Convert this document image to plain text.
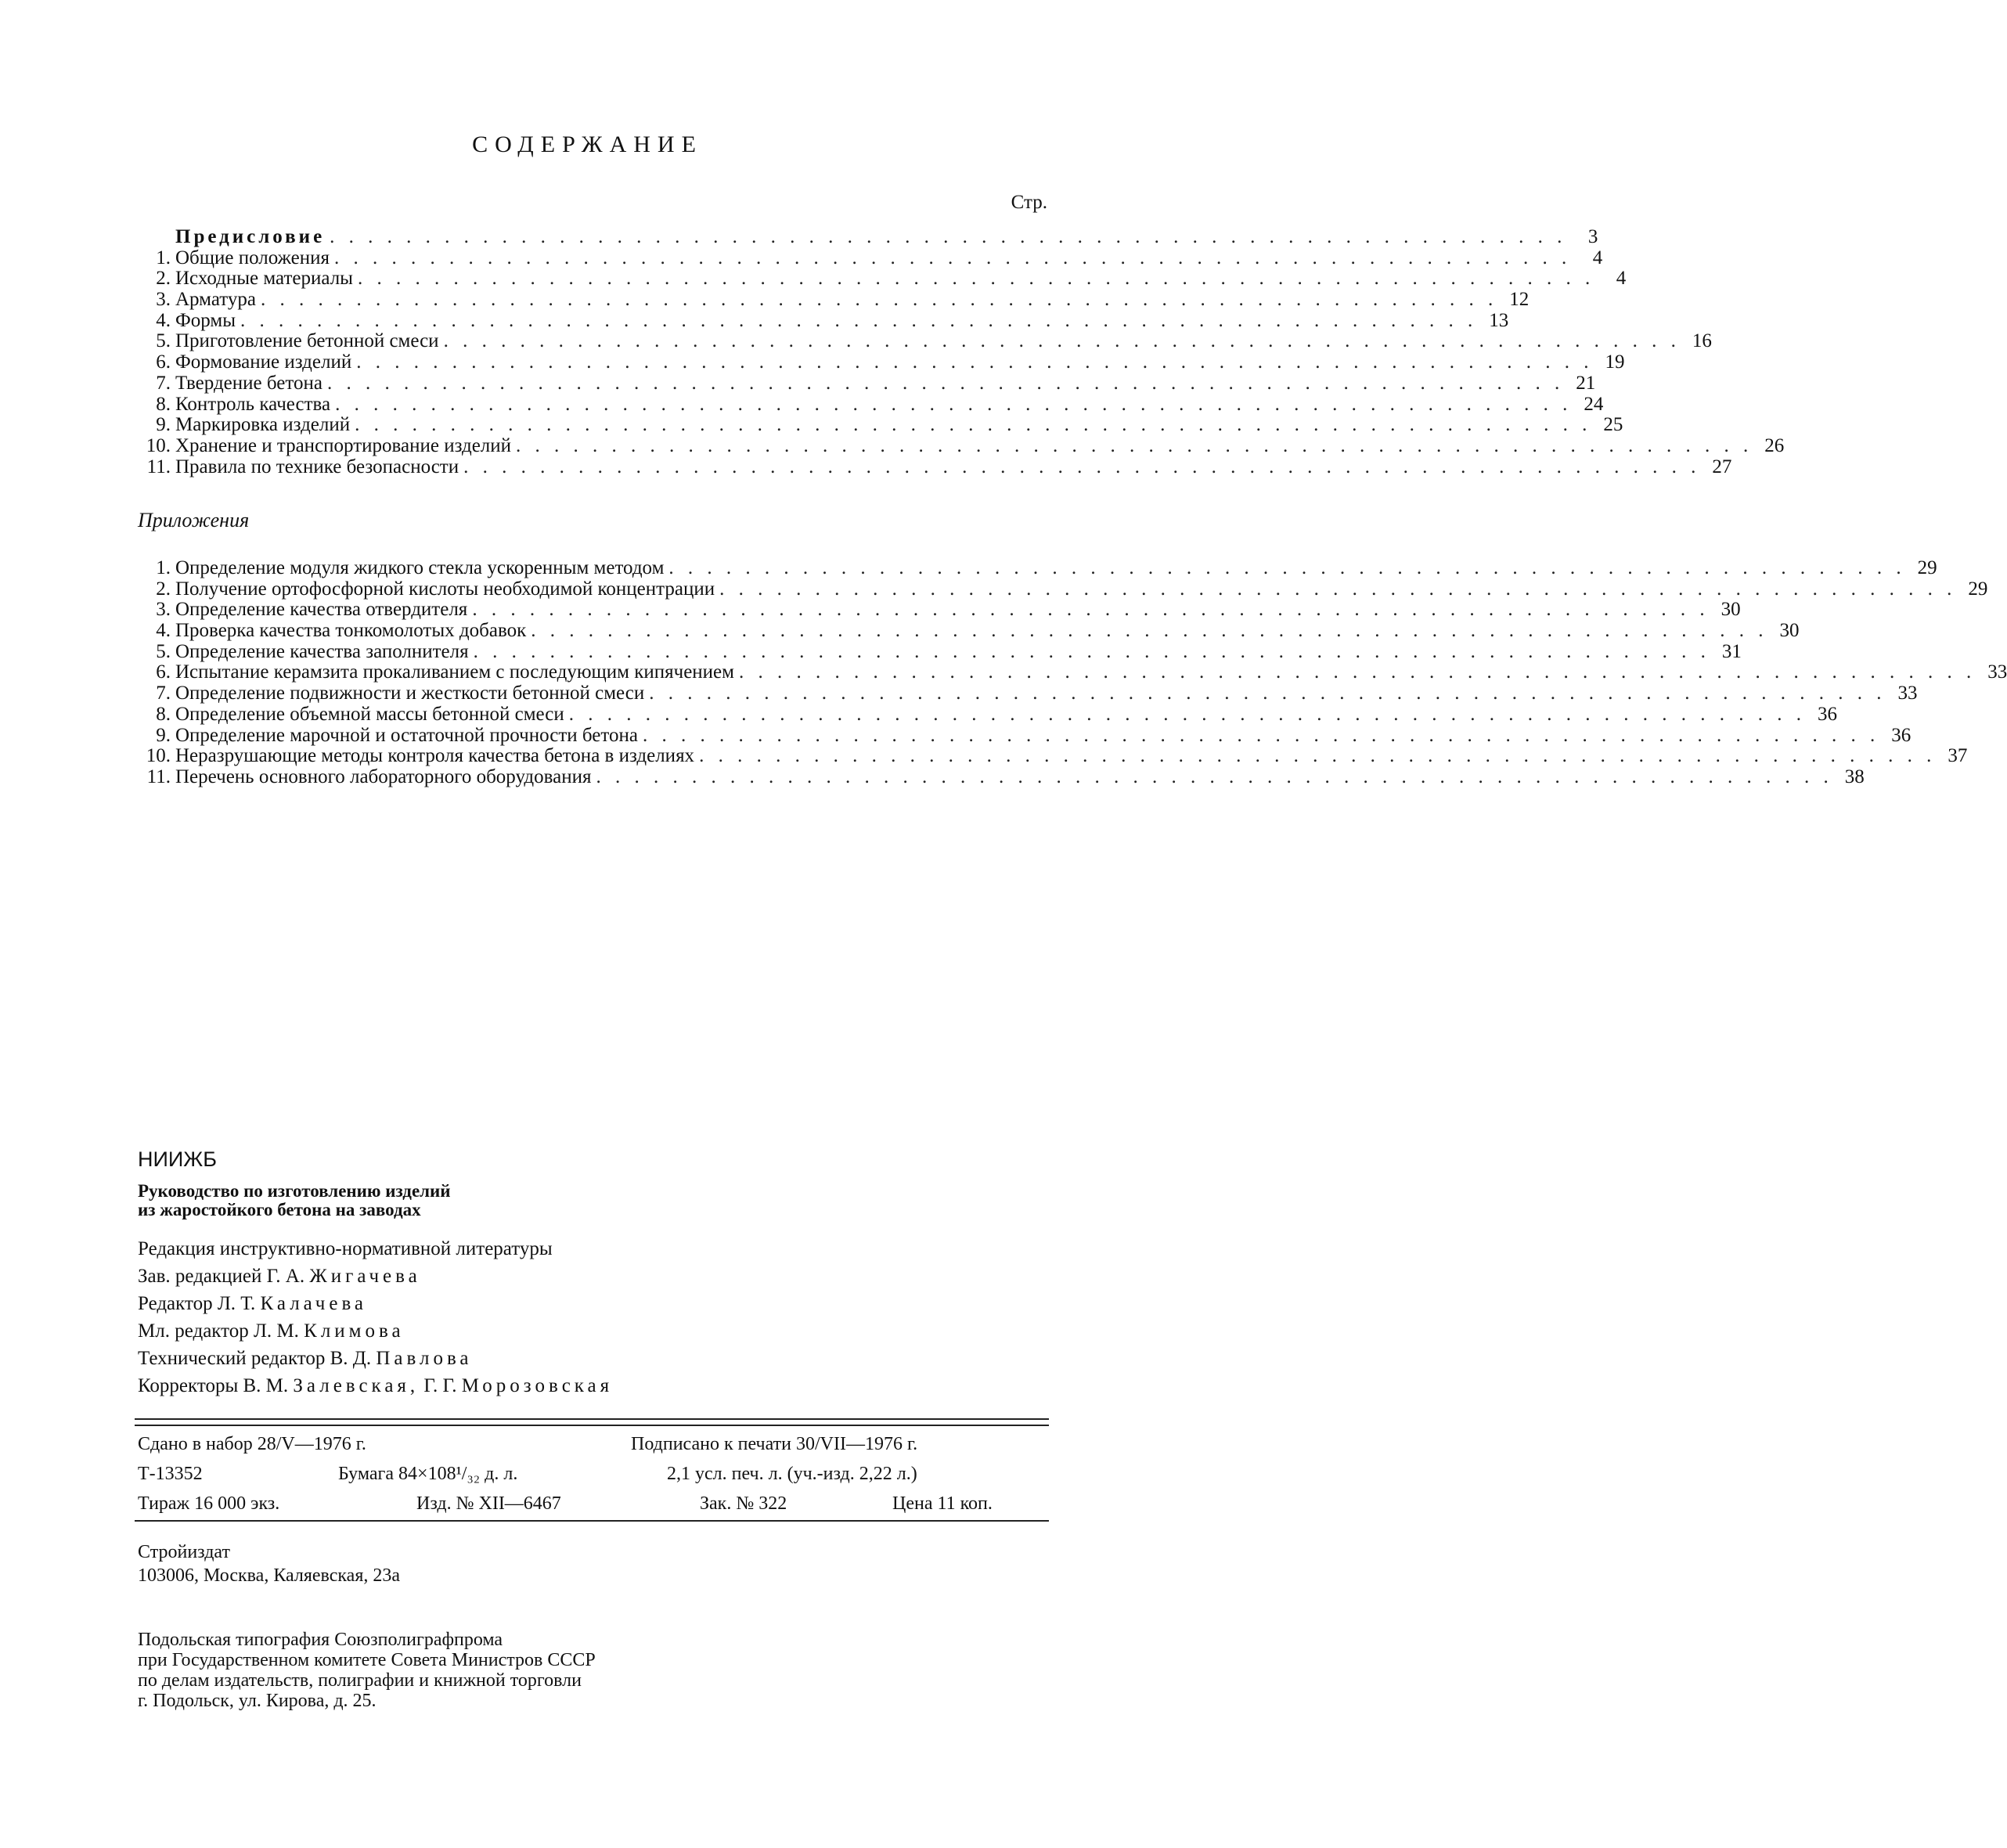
СОДЕРЖАНИЕ
Стр.
Предисловие . . .	3
1. Общие положения . . .	4
2. Исходные материалы . . .	4
3. Арматура . . .	12
4. Формы . . .	13
5. Приготовление бетонной смеси . . .	16
6. Формование изделий . . .	19
7. Твердение бетона . . .	21
8. Контроль качества . . .	24
9. Маркировка изделий . . .	25
10. Хранение и транспортирование изделий . . .	26
11. Правила по технике безопасности . . .	27
Приложения
1. Определение модуля жидкого стекла ускоренным методом . . .	29
2. Получение ортофосфорной кислоты необходимой концентрации . . .	29
3. Определение качества отвердителя . . .	30
4. Проверка качества тонкомолотых добавок . . .	30
5. Определение качества заполнителя . . .	31
6. Испытание керамзита прокаливанием с последующим кипячением . . .	33
7. Определение подвижности и жесткости бетонной смеси . . .	33
8. Определение объемной массы бетонной смеси . . .	36
9. Определение марочной и остаточной прочности бетона . . .	36
10. Неразрушающие методы контроля качества бетона в изделиях . . .	37
11. Перечень основного лабораторного оборудования . . .	38
НИИЖБ
Руководство по изготовлению изделий
из жаростойкого бетона на заводах
Редакция инструктивно-нормативной литературы
Зав. редакцией Г. А. Жигачева
Редактор Л. Т. Калачева
Мл. редактор Л. М. Климова
Технический редактор В. Д. Павлова
Корректоры В. М. Залевская, Г. Г. Морозовская
Сдано в набор 28/V—1976 г.	Подписано к печати 30/VII—1976 г.
Т-13352	Бумага 84×108¹/₃₂ д. л.	2,1 усл. печ. л. (уч.-изд. 2,22 л.)
Тираж 16 000 экз.	Изд. № XII—6467	Зак. № 322	Цена 11 коп.
Стройиздат
103006, Москва, Каляевская, 23а
Подольская типография Союзполиграфпрома
при Государственном комитете Совета Министров СССР
по делам издательств, полиграфии и книжной торговли
г. Подольск, ул. Кирова, д. 25.
